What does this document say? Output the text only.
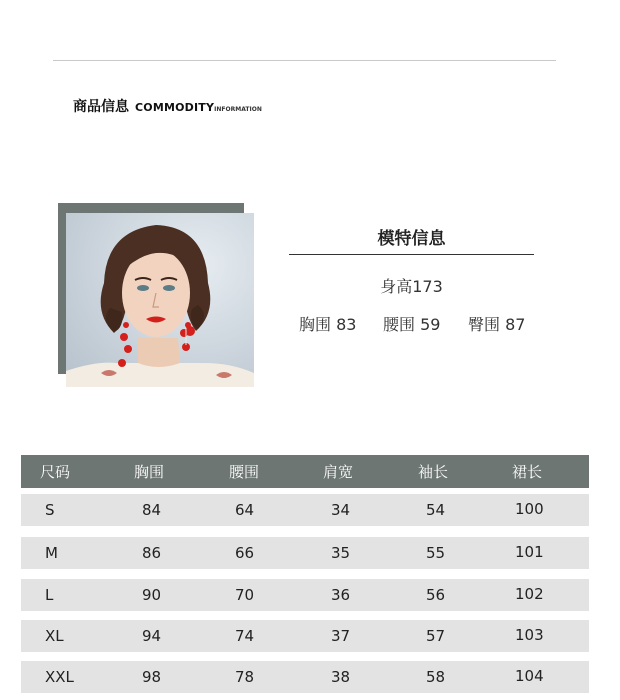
商品信息 COMMODITYINFORMATION
模特信息
身高173
胸围 83 腰围 59 臀围 87
尺码	胸围	腰围	肩宽	袖长	裙长
S	84	64	34	54	100
M	86	66	35	55	101
L	90	70	36	56	102
XL	94	74	37	57	103
XXL	98	78	38	58	104
